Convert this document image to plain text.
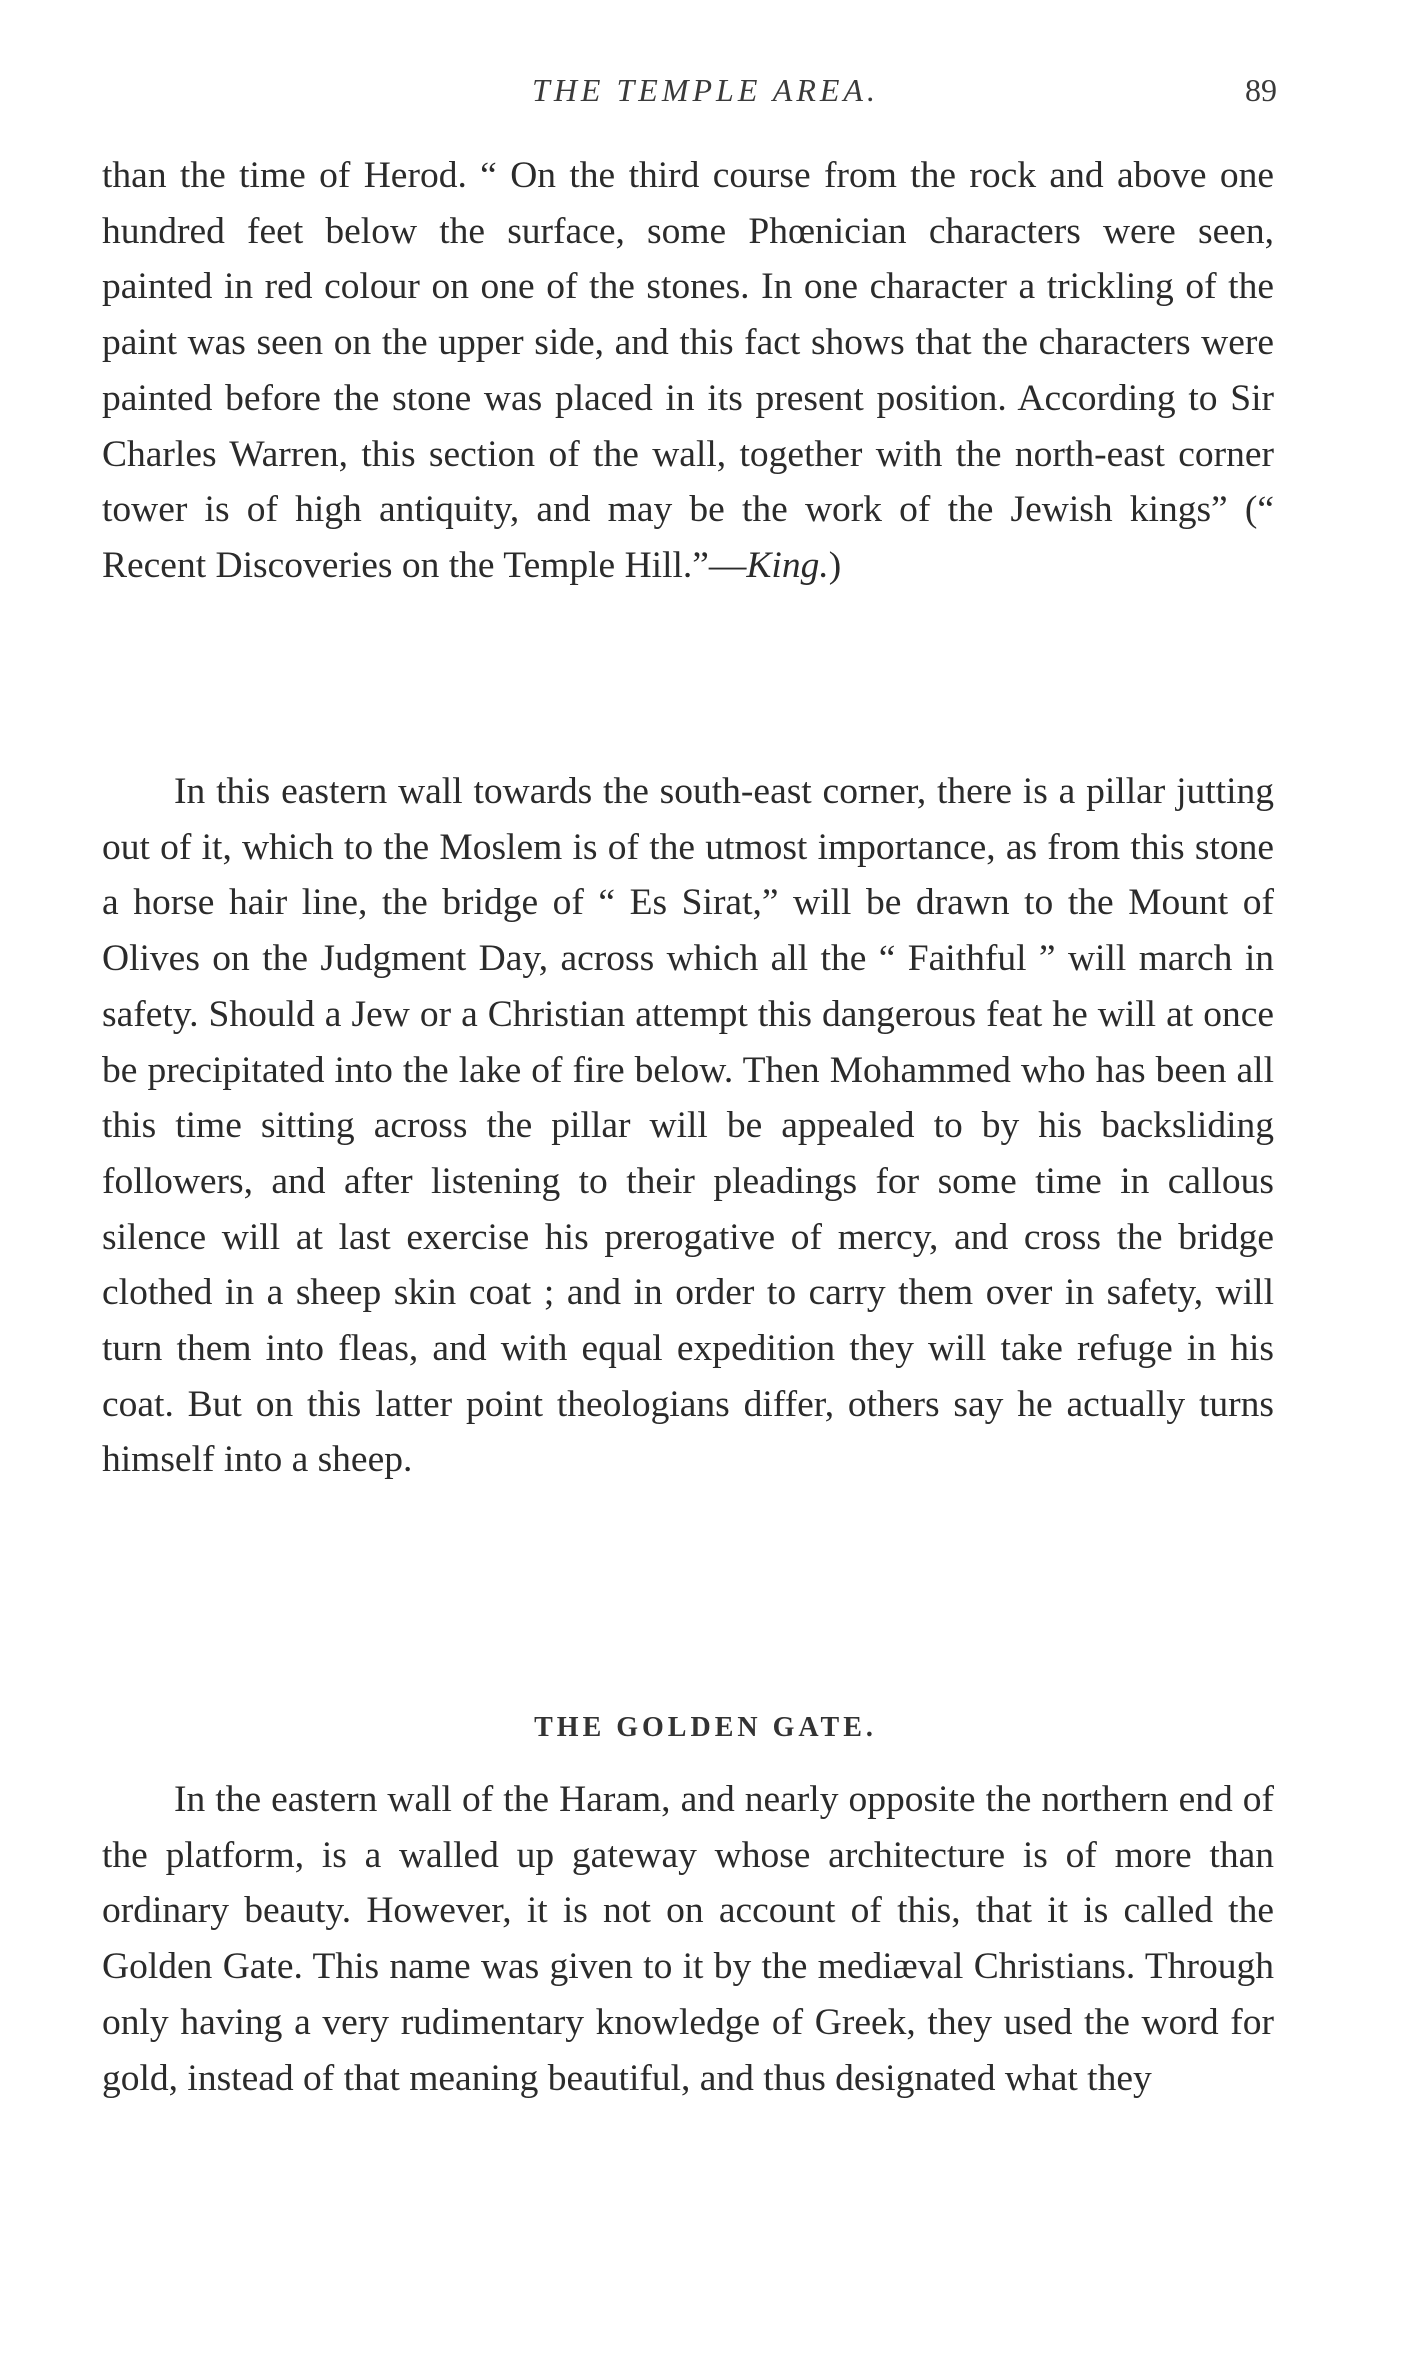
THE TEMPLE AREA.	89

than the time of Herod. “ On the third course from the rock and above one hundred feet below the surface, some Phœnician characters were seen, painted in red colour on one of the stones. In one character a trickling of the paint was seen on the upper side, and this fact shows that the characters were painted before the stone was placed in its present position. According to Sir Charles Warren, this section of the wall, together with the north-east corner tower is of high antiquity, and may be the work of the Jewish kings” (“ Recent Discoveries on the Temple Hill.”—King.)

In this eastern wall towards the south-east corner, there is a pillar jutting out of it, which to the Moslem is of the utmost importance, as from this stone a horse hair line, the bridge of “ Es Sirat,” will be drawn to the Mount of Olives on the Judgment Day, across which all the “ Faithful ” will march in safety. Should a Jew or a Christian attempt this dangerous feat he will at once be precipitated into the lake of fire below. Then Mohammed who has been all this time sitting across the pillar will be appealed to by his backsliding followers, and after listening to their pleadings for some time in callous silence will at last exercise his prerogative of mercy, and cross the bridge clothed in a sheep skin coat ; and in order to carry them over in safety, will turn them into fleas, and with equal expedition they will take refuge in his coat. But on this latter point theologians differ, others say he actually turns himself into a sheep.

THE GOLDEN GATE.

In the eastern wall of the Haram, and nearly opposite the northern end of the platform, is a walled up gateway whose architecture is of more than ordinary beauty. However, it is not on account of this, that it is called the Golden Gate. This name was given to it by the mediæval Christians. Through only having a very rudimentary knowledge of Greek, they used the word for gold, instead of that meaning beautiful, and thus designated what they
